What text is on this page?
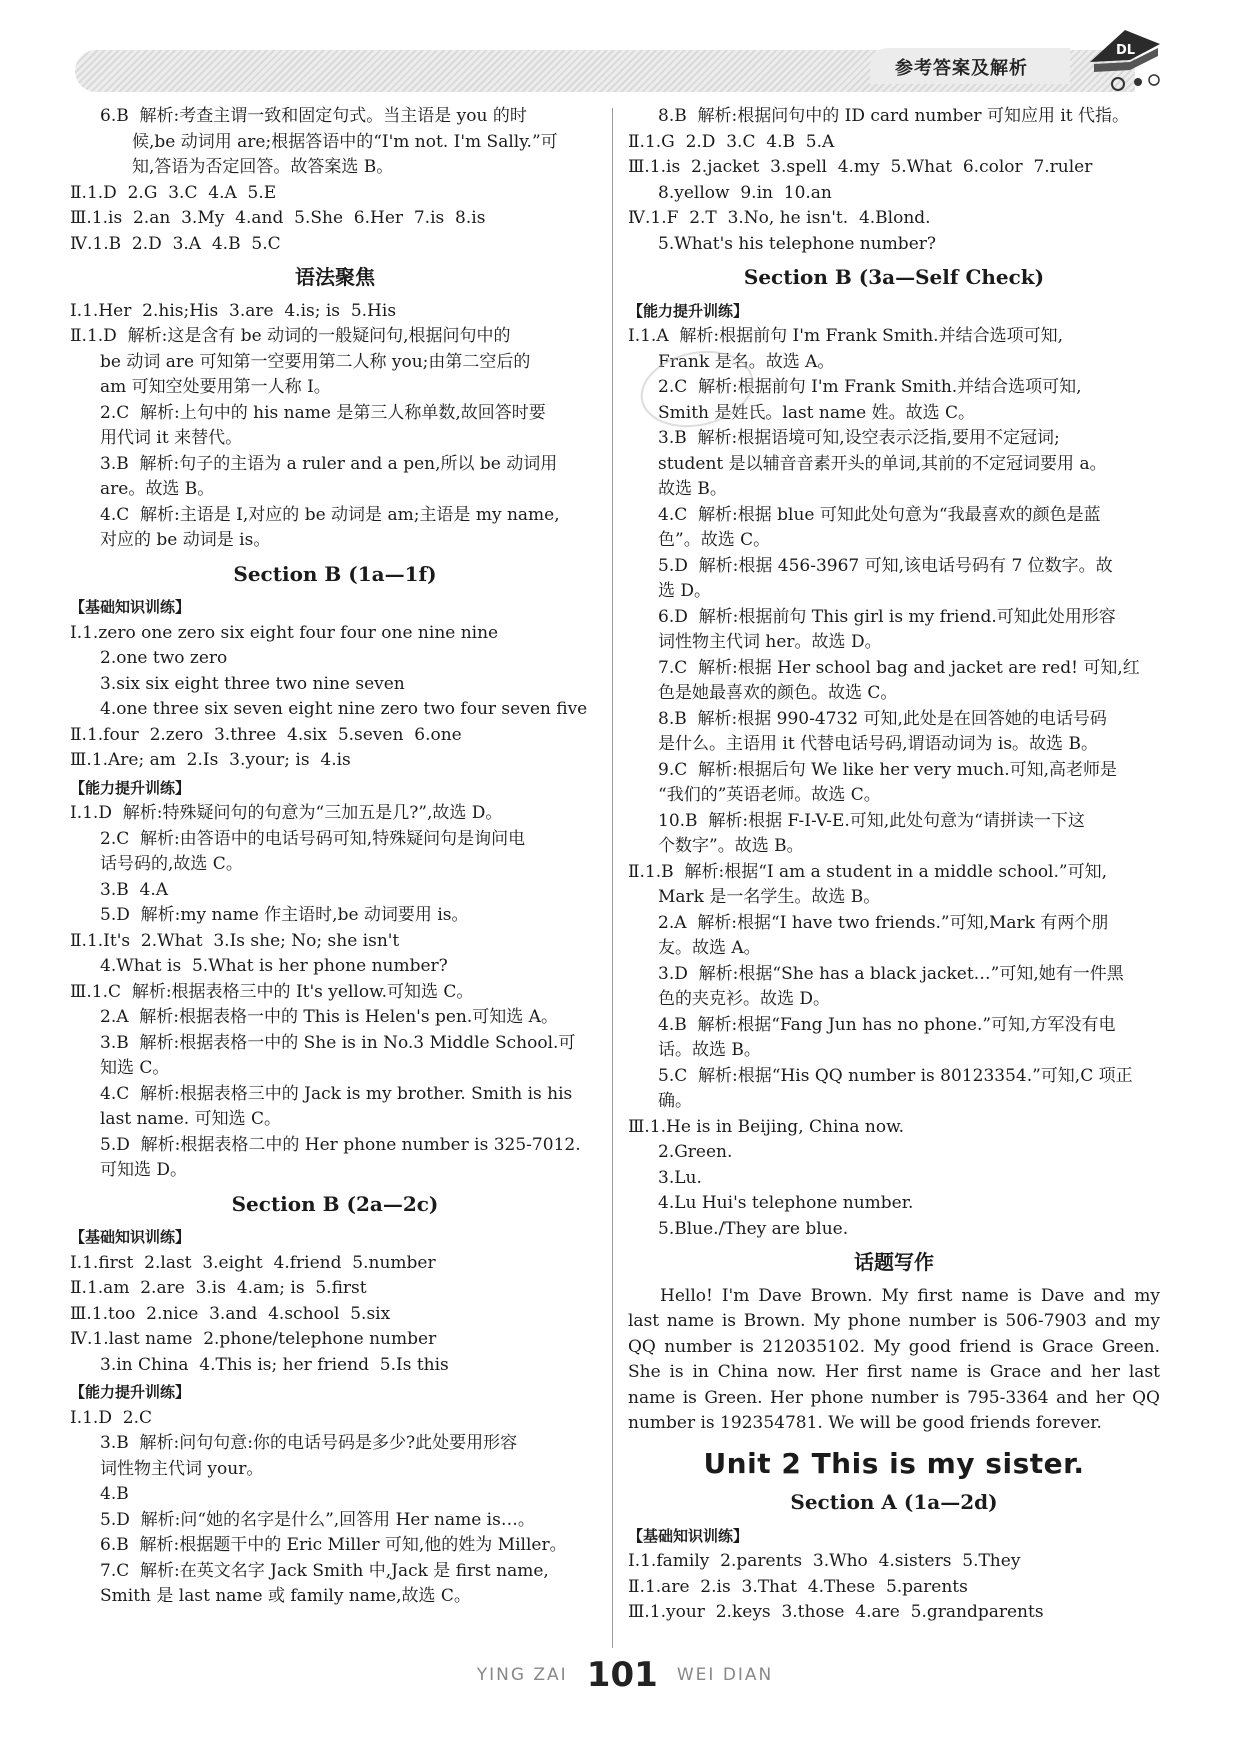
参考答案及解析
DL
6.B  解析:考查主谓一致和固定句式。当主语是 you 的时
候,be 动词用 are;根据答语中的“I'm not. I'm Sally.”可
知,答语为否定回答。故答案选 B。
Ⅱ.1.D  2.G  3.C  4.A  5.E
Ⅲ.1.is  2.an  3.My  4.and  5.She  6.Her  7.is  8.is
Ⅳ.1.B  2.D  3.A  4.B  5.C
语法聚焦
Ⅰ.1.Her  2.his;His  3.are  4.is; is  5.His
Ⅱ.1.D  解析:这是含有 be 动词的一般疑问句,根据问句中的
be 动词 are 可知第一空要用第二人称 you;由第二空后的
am 可知空处要用第一人称 I。
2.C  解析:上句中的 his name 是第三人称单数,故回答时要
用代词 it 来替代。
3.B  解析:句子的主语为 a ruler and a pen,所以 be 动词用
are。故选 B。
4.C  解析:主语是 I,对应的 be 动词是 am;主语是 my name,
对应的 be 动词是 is。
Section B (1a—1f)
【基础知识训练】
Ⅰ.1.zero one zero six eight four four one nine nine
2.one two zero
3.six six eight three two nine seven
4.one three six seven eight nine zero two four seven five
Ⅱ.1.four  2.zero  3.three  4.six  5.seven  6.one
Ⅲ.1.Are; am  2.Is  3.your; is  4.is
【能力提升训练】
Ⅰ.1.D  解析:特殊疑问句的句意为“三加五是几?”,故选 D。
2.C  解析:由答语中的电话号码可知,特殊疑问句是询问电
话号码的,故选 C。
3.B  4.A
5.D  解析:my name 作主语时,be 动词要用 is。
Ⅱ.1.It's  2.What  3.Is she; No; she isn't
4.What is  5.What is her phone number?
Ⅲ.1.C  解析:根据表格三中的 It's yellow.可知选 C。
2.A  解析:根据表格一中的 This is Helen's pen.可知选 A。
3.B  解析:根据表格一中的 She is in No.3 Middle School.可
知选 C。
4.C  解析:根据表格三中的 Jack is my brother. Smith is his
last name. 可知选 C。
5.D  解析:根据表格二中的 Her phone number is 325-7012.
可知选 D。
Section B (2a—2c)
【基础知识训练】
Ⅰ.1.first  2.last  3.eight  4.friend  5.number
Ⅱ.1.am  2.are  3.is  4.am; is  5.first
Ⅲ.1.too  2.nice  3.and  4.school  5.six
Ⅳ.1.last name  2.phone/telephone number
3.in China  4.This is; her friend  5.Is this
【能力提升训练】
Ⅰ.1.D  2.C
3.B  解析:问句句意:你的电话号码是多少?此处要用形容
词性物主代词 your。
4.B
5.D  解析:问“她的名字是什么”,回答用 Her name is…。
6.B  解析:根据题干中的 Eric Miller 可知,他的姓为 Miller。
7.C  解析:在英文名字 Jack Smith 中,Jack 是 first name,
Smith 是 last name 或 family name,故选 C。
8.B  解析:根据问句中的 ID card number 可知应用 it 代指。
Ⅱ.1.G  2.D  3.C  4.B  5.A
Ⅲ.1.is  2.jacket  3.spell  4.my  5.What  6.color  7.ruler
8.yellow  9.in  10.an
Ⅳ.1.F  2.T  3.No, he isn't.  4.Blond.
5.What's his telephone number?
Section B (3a—Self Check)
【能力提升训练】
Ⅰ.1.A  解析:根据前句 I'm Frank Smith.并结合选项可知,
Frank 是名。故选 A。
2.C  解析:根据前句 I'm Frank Smith.并结合选项可知,
Smith 是姓氏。last name 姓。故选 C。
3.B  解析:根据语境可知,设空表示泛指,要用不定冠词;
student 是以辅音音素开头的单词,其前的不定冠词要用 a。
故选 B。
4.C  解析:根据 blue 可知此处句意为“我最喜欢的颜色是蓝
色”。故选 C。
5.D  解析:根据 456-3967 可知,该电话号码有 7 位数字。故
选 D。
6.D  解析:根据前句 This girl is my friend.可知此处用形容
词性物主代词 her。故选 D。
7.C  解析:根据 Her school bag and jacket are red! 可知,红
色是她最喜欢的颜色。故选 C。
8.B  解析:根据 990-4732 可知,此处是在回答她的电话号码
是什么。主语用 it 代替电话号码,谓语动词为 is。故选 B。
9.C  解析:根据后句 We like her very much.可知,高老师是
“我们的”英语老师。故选 C。
10.B  解析:根据 F-I-V-E.可知,此处句意为“请拼读一下这
个数字”。故选 B。
Ⅱ.1.B  解析:根据“I am a student in a middle school.”可知,
Mark 是一名学生。故选 B。
2.A  解析:根据“I have two friends.”可知,Mark 有两个朋
友。故选 A。
3.D  解析:根据“She has a black jacket…”可知,她有一件黑
色的夹克衫。故选 D。
4.B  解析:根据“Fang Jun has no phone.”可知,方军没有电
话。故选 B。
5.C  解析:根据“His QQ number is 80123354.”可知,C 项正确。
Ⅲ.1.He is in Beijing, China now.
2.Green.
3.Lu.
4.Lu Hui's telephone number.
5.Blue./They are blue.
话题写作
Hello! I'm Dave Brown. My first name is Dave and my last name is Brown. My phone number is 506-7903 and my QQ number is 212035102. My good friend is Grace Green. She is in China now. Her first name is Grace and her last name is Green. Her phone number is 795-3364 and her QQ number is 192354781. We will be good friends forever.
Unit 2 This is my sister.
Section A (1a—2d)
【基础知识训练】
Ⅰ.1.family  2.parents  3.Who  4.sisters  5.They
Ⅱ.1.are  2.is  3.That  4.These  5.parents
Ⅲ.1.your  2.keys  3.those  4.are  5.grandparents
YING ZAI 101 WEI DIAN
